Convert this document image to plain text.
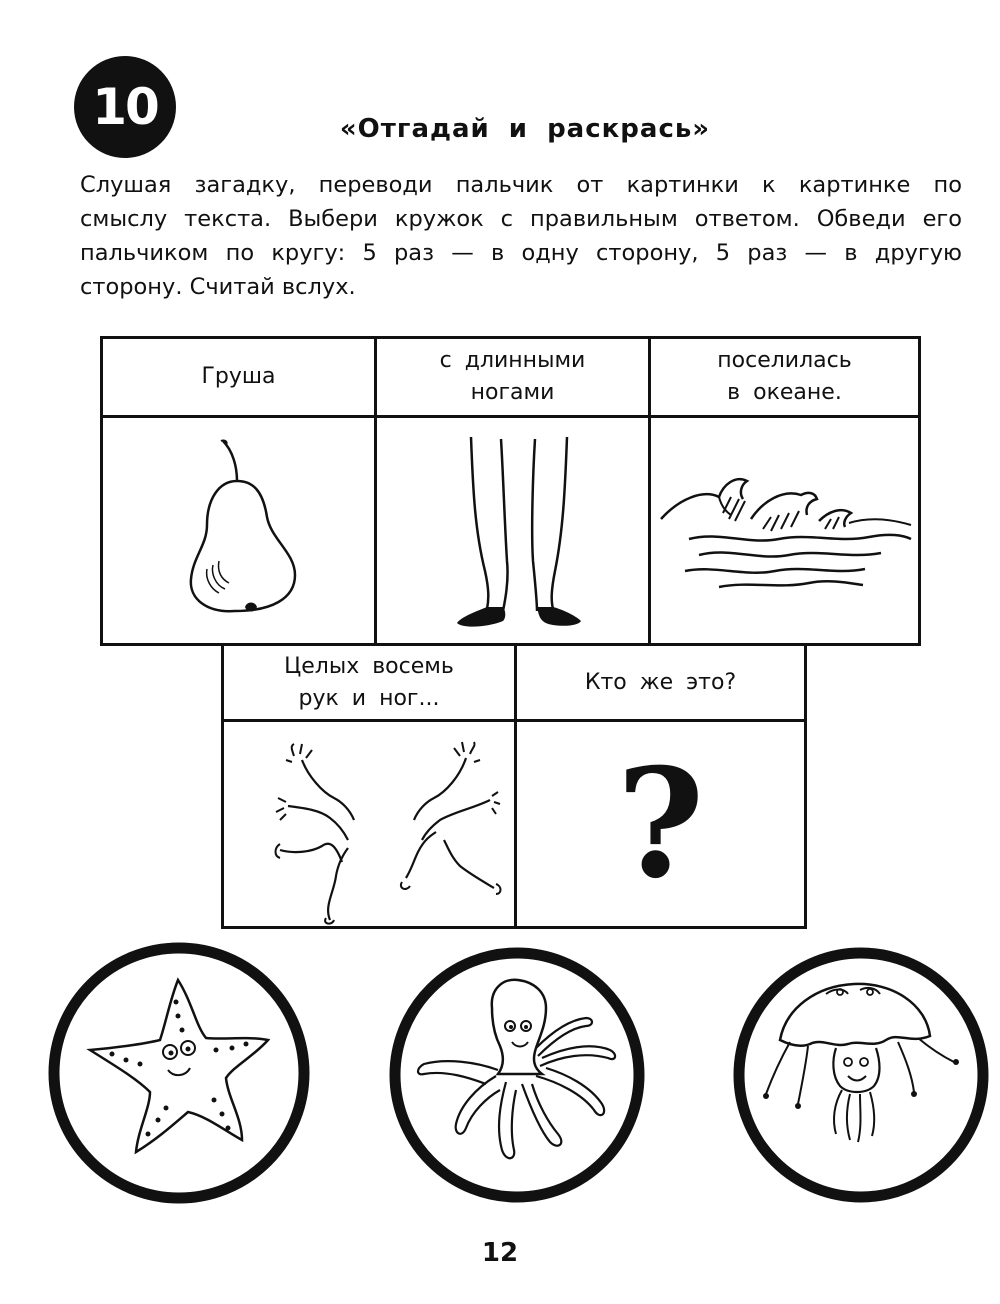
10	«Отгадай и раскрась»
Слушая загадку, переводи пальчик от картинки к картинке по
смыслу текста. Выбери кружок с правильным ответом. Обведи его
пальчиком по кругу: 5 раз — в одну сторону, 5 раз — в другую
сторону. Считай вслух.
Груша
с длинными
ногами
поселилась
в океане.
Целых восемь
рук и ног...
Кто же это?
?
12
